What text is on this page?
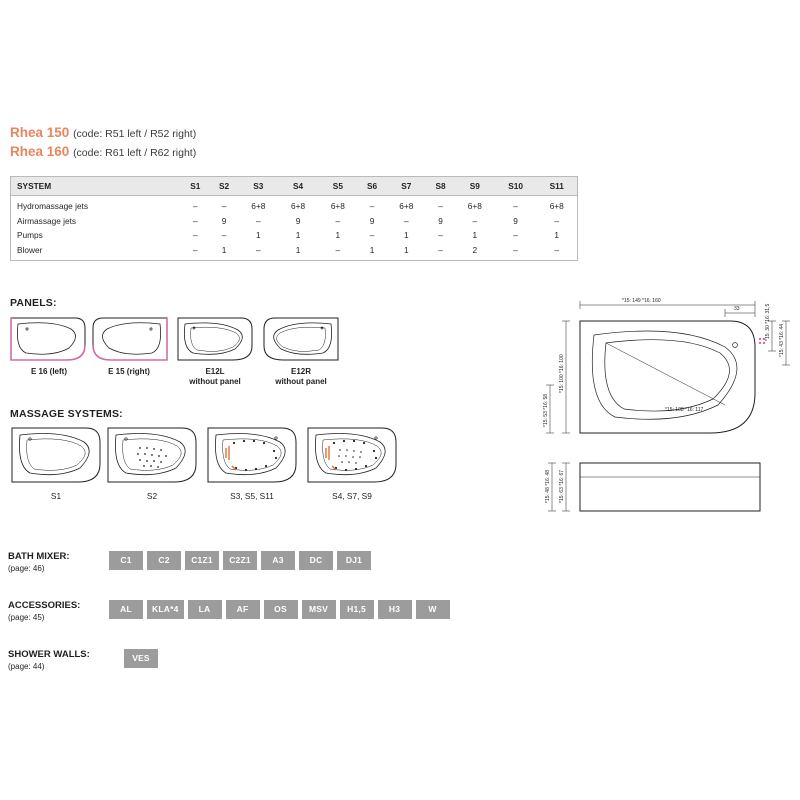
Rhea 150 (code: R51 left / R52 right)
Rhea 160 (code: R61 left / R62 right)
SYSTEM	S1	S2	S3	S4	S5	S6	S7	S8	S9	S10	S11
Hydromassage jets	–	–	6+8	6+8	6+8	–	6+8	–	6+8	–	6+8
Airmassage jets	–	9	–	9	–	9	–	9	–	9	–
Pumps	–	–	1	1	1	–	1	–	1	–	1
Blower	–	1	–	1	–	1	1	–	2	–	–
PANELS:
E 16 (left)	E 15 (right)	E12L
without panel
E12R
without panel
MASSAGE SYSTEMS:
S1	S2	S3, S5, S11	S4, S7, S9
BATH MIXER:
(page: 46)
C1	C2	C1Z1	C2Z1	A3	DC	DJ1
ACCESSORIES:
(page: 45)
AL	KLA*4	LA	AF	OS	MSV	H1,5	H3	W
SHOWER WALLS:
(page: 44)
VES
*15: 149 *16: 160
33	*15: 30 *16: 31,5 *15: 43 *16: 44
*15: 100 *16: 100
*15: 53 *16: 58	*15: 108 *16: 117
*15: 63 *16: 67
*15: 48 *16: 48
